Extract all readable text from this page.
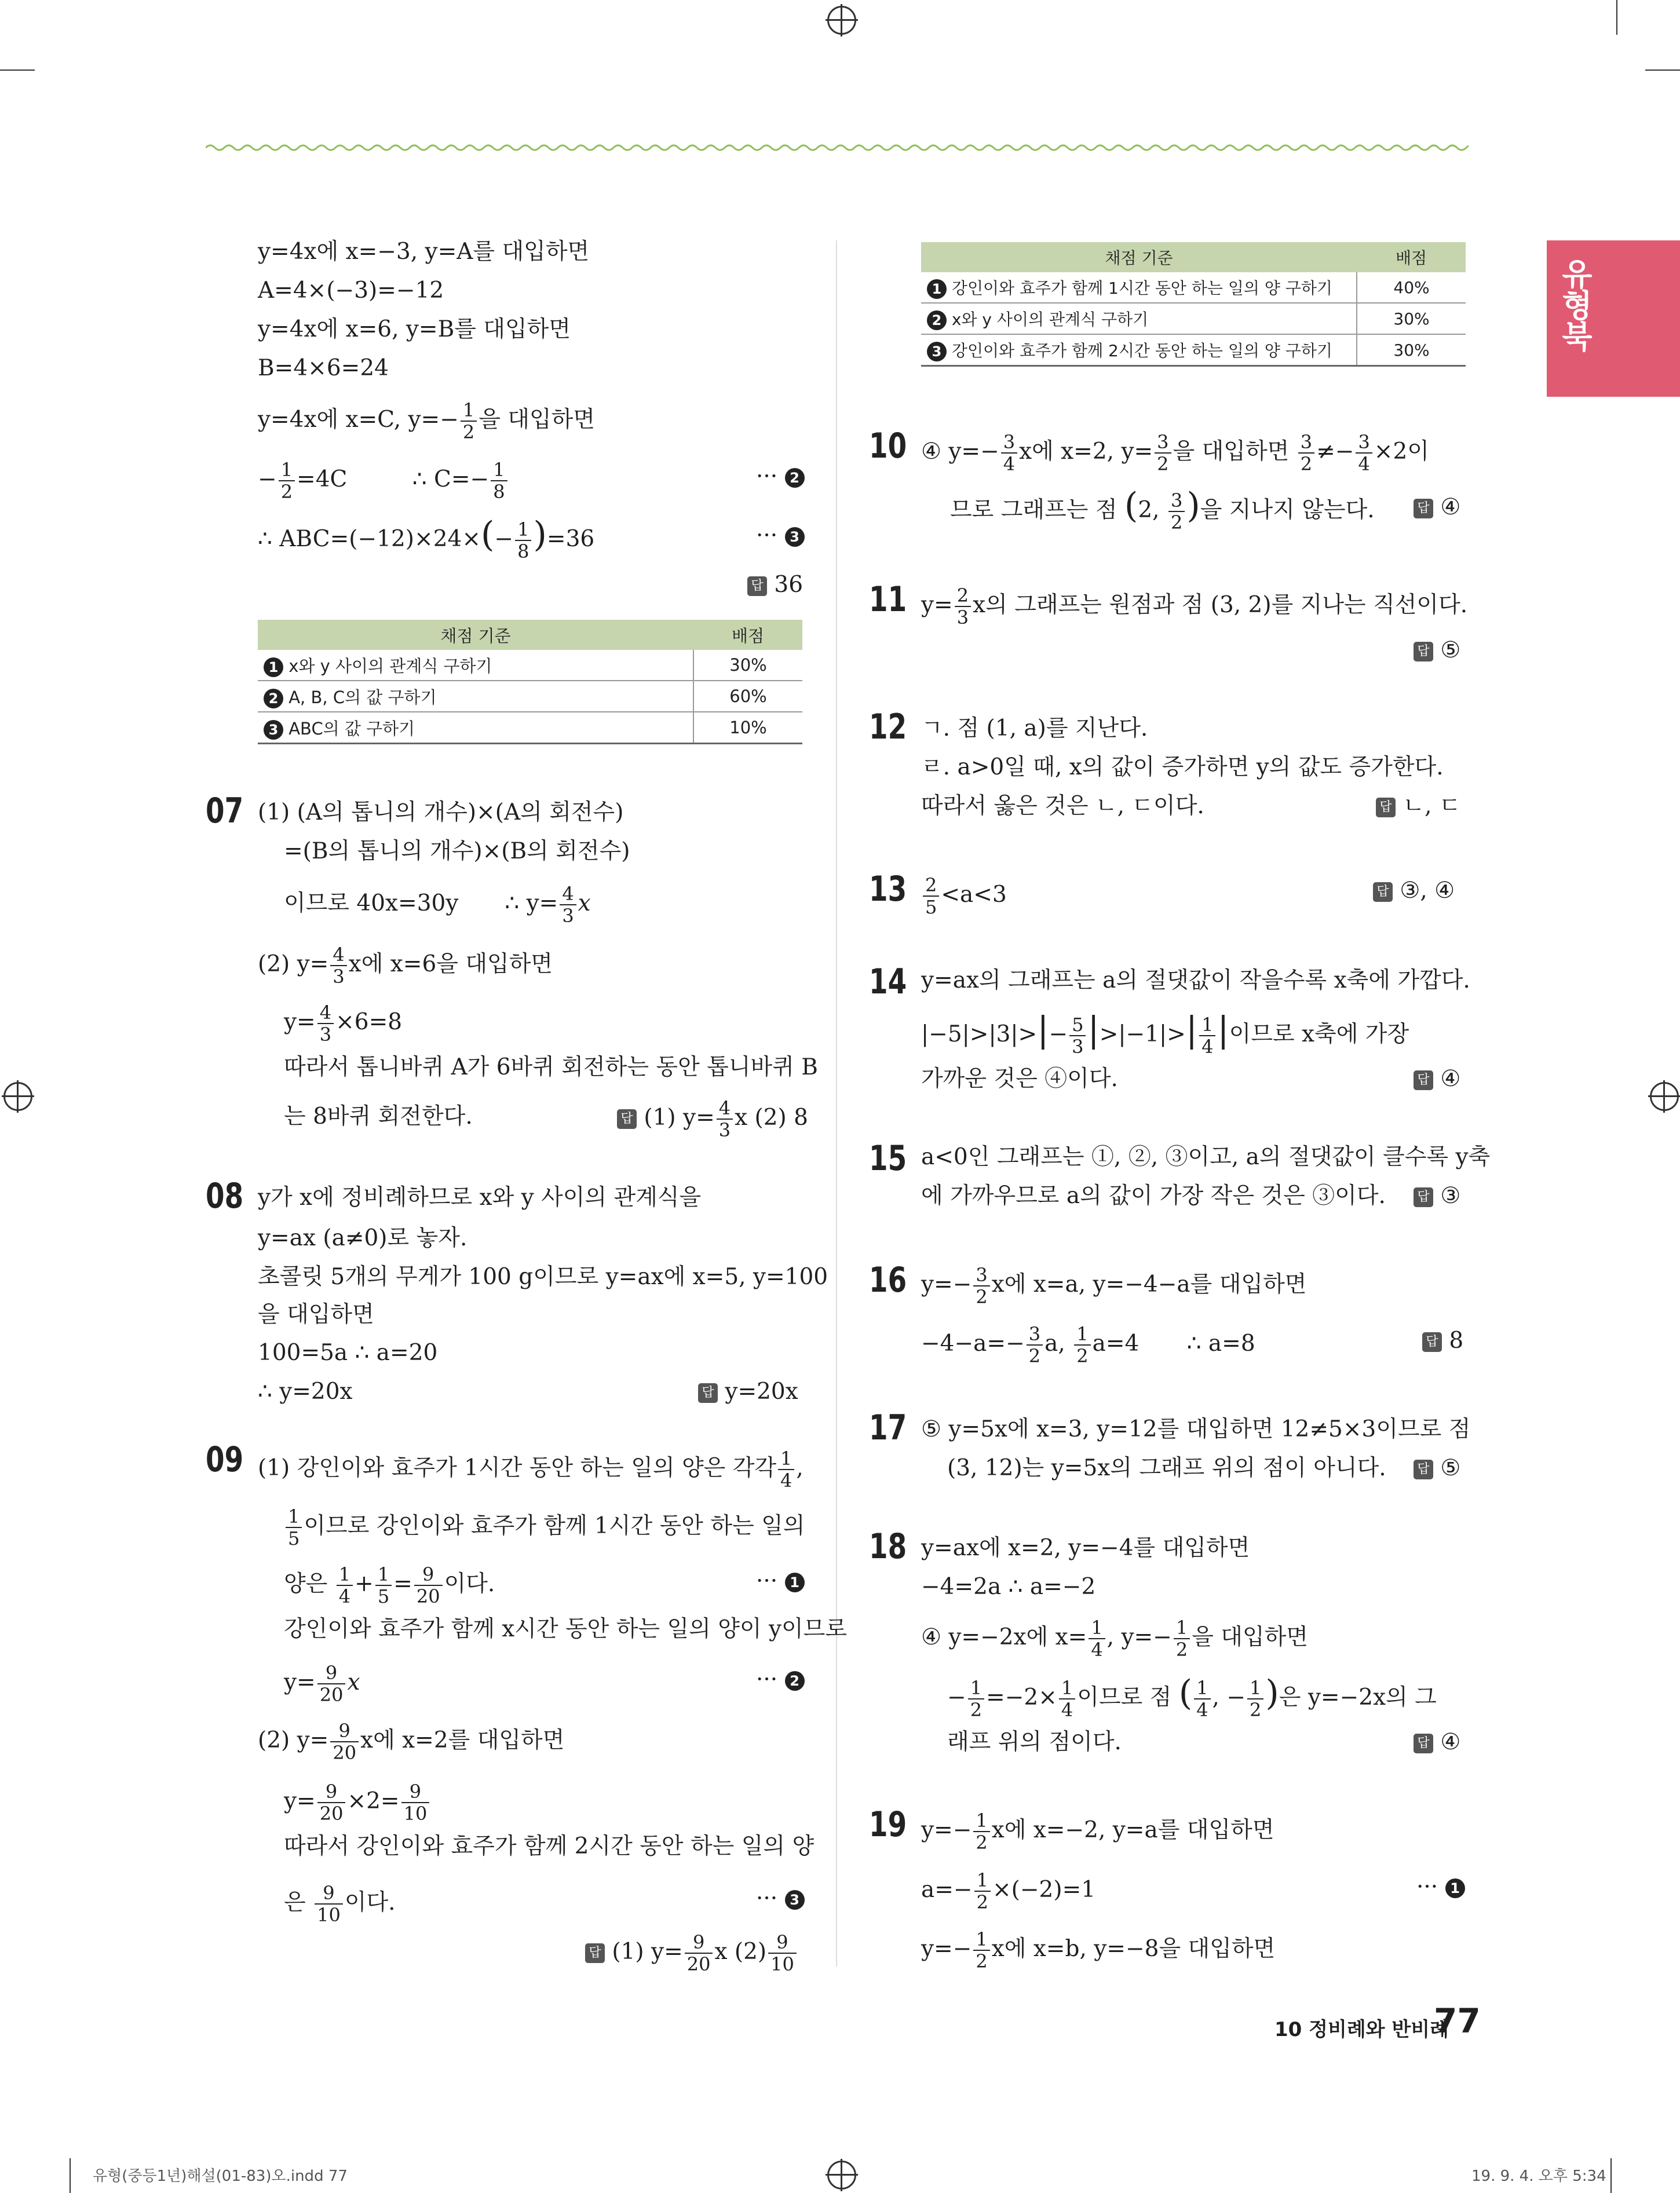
유형북
y=4x에 x=−3, y=A를 대입하면
A=4×(−3)=−12
y=4x에 x=6, y=B를 대입하면
B=4×6=24
y=4x에 x=C, $y=- \frac{1}{2}$ 을 대입하면
− $\frac{1}{2} =4C$	∴ $C=- \frac{1}{8}$	··· 2
∴ $ABC=(-12)\times 24\times(- \frac{1}{8} )=36$	··· 3
답 36
채점 기준	배점
1 x와 y 사이의 관계식 구하기	30%
2 A, B, C의 값 구하기	60%
3 ABC의 값 구하기	10%
07 (1) (A의 톱니의 개수)×(A의 회전수)
=(B의 톱니의 개수)×(B의 회전수)
이므로 40x=30y ∴ $y= \frac{4}{3}$ x
(2) $y= \frac{4}{3}$ x에 x=6을 대입하면
$y= \frac{4}{3} \times 6=8$
따라서 톱니바퀴 A가 6바퀴 회전하는 동안 톱니바퀴 B
는 8바퀴 회전한다.	답 (1) $y= \frac{4}{3}$ x (2) 8
08 y가 x에 정비례하므로 x와 y 사이의 관계식을
y=ax (a≠0)로 놓자.
초콜릿 5개의 무게가 100 g이므로 y=ax에 x=5, y=100
을 대입하면
100=5a ∴ a=20
∴ y=20x	답 y=20x
09 (1) 강인이와 효주가 1시간 동안 하는 일의 양은 각각 $\frac{1}{4}$ ,
$\frac{1}{5}$ 이므로 강인이와 효주가 함께 1시간 동안 하는 일의
양은 $\frac{1}{4} + \frac{1}{5} = \frac{9}{20}$ 이다.	··· 1
강인이와 효주가 함께 x시간 동안 하는 일의 양이 y이므로
$y= \frac{9}{20}$ x	··· 2
(2) $y= \frac{9}{20}$ x에 x=2를 대입하면
$y= \frac{9}{20} \times 2= \frac{9}{10}$
따라서 강인이와 효주가 함께 2시간 동안 하는 일의 양
은 $\frac{9}{10}$ 이다.	··· 3
답 (1) $y= \frac{9}{20}$ x $(2) \frac{9}{10}$
채점 기준	배점
1 강인이와 효주가 함께 1시간 동안 하는 일의 양 구하기	40%
2 x와 y 사이의 관계식 구하기	30%
3 강인이와 효주가 함께 2시간 동안 하는 일의 양 구하기	30%
10 ④ $y=- \frac{3}{4}$ x에 x=2, $y= \frac{3}{2}$ 을 대입하면 $\frac{3}{2} \ne- \frac{3}{4} \times 2$이
므로 그래프는 점 (2, $\frac{3}{2}$ )을 지나지 않는다.	답 ④
11 $y= \frac{2}{3}$ x의 그래프는 원점과 점 (3, 2)를 지나는 직선이다.
답 ⑤
12 ㄱ. 점 (1, a)를 지난다.
ㄹ. a>0일 때, x의 값이 증가하면 y의 값도 증가한다.
따라서 옳은 것은 ㄴ, ㄷ이다.	답 ㄴ, ㄷ
$13 \frac{2}{5} <a<3$	답 ③, ④
14 y=ax의 그래프는 a의 절댓값이 작을수록 x축에 가깝다.
$|-5|>|3|>|- \frac{5}{3} |>|-1|>| \frac{1}{4}$ |이므로 x축에 가장
가까운 것은 ④이다.	답 ④
15 a<0인 그래프는 ①, ②, ③이고, a의 절댓값이 클수록 y축
에 가까우므로 a의 값이 가장 작은 것은 ③이다. 답 ③
16 $y=- \frac{3}{2}$ x에 x=a, y=−4−a를 대입하면
$-4-a=- \frac{3}{2} a$, $\frac{1}{2} a=4$ ∴ a=8	답 8
17 ⑤ y=5x에 x=3, y=12를 대입하면 12≠5×3이므로 점
(3, 12)는 y=5x의 그래프 위의 점이 아니다. 답 ⑤
18 y=ax에 x=2, y=−4를 대입하면
−4=2a ∴ a=−2
④ y=−2x에 $x= \frac{1}{4}$ , $y=- \frac{1}{2}$ 을 대입하면
− $\frac{1}{2} =-2\times \frac{1}{4}$ 이므로 점 ( $\frac{1}{4}$ , − $\frac{1}{2}$ )은 y=−2x의 그
래프 위의 점이다.	답 ④
19 $y=- \frac{1}{2}$ x에 x=−2, y=a를 대입하면
$a=- \frac{1}{2} \times(-2)=1$	··· 1
$y=- \frac{1}{2}$ x에 x=b, y=−8을 대입하면
10 정비례와 반비례
77
유형(중등1년)해설(01-83)오.indd 77	19. 9. 4. 오후 5:34
